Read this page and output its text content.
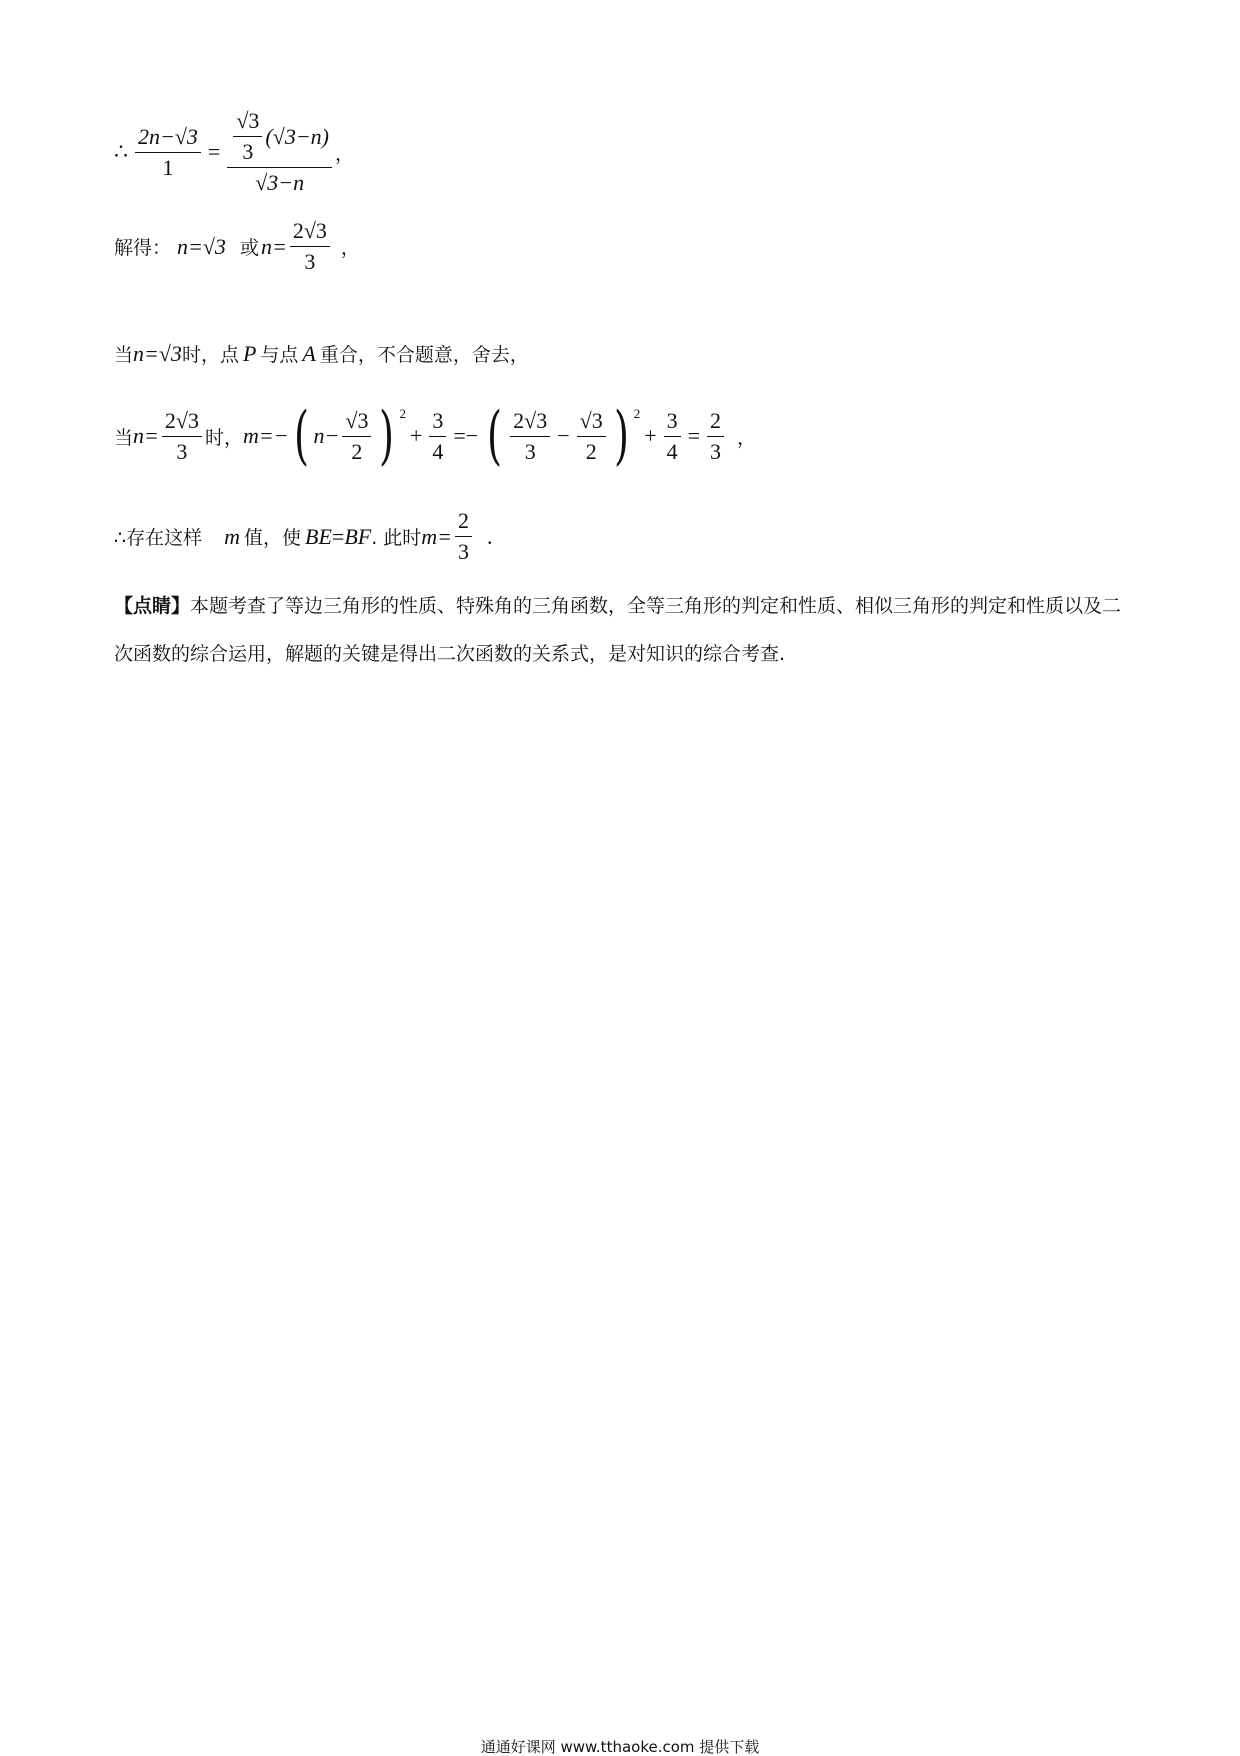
∴ $\frac{2n-√3}{1} = \frac{\frac{√3}{3} (√3-n)}{√3-n}$ ，
解得： n=√3 或 $n= \frac{2√3}{3}$ ，
当 n=√3 时，点 P 与点 A 重合，不合题意，舍去，
当 $n= \frac{2√3}{3}$ 时， m=− ( $n- \frac{√3}{2}$ ) 2
+ $\frac{3}{4}$ =− ( $\frac{2√3}{3} - \frac{√3}{2}$ ) 2
+ $\frac{3}{4} = \frac{2}{3}$ ，
∴存在这样 m 值，使 BE = BF . 此时 $m= \frac{2}{3}$ .
【点睛】本题考查了等边三角形的性质、特殊角的三角函数，全等三角形的判定和性质、相似三角形的判定和性质以及二次函数的综合运用，解题的关键是得出二次函数的关系式，是对知识的综合考查.
通通好课网 www.tthaoke.com 提供下载
